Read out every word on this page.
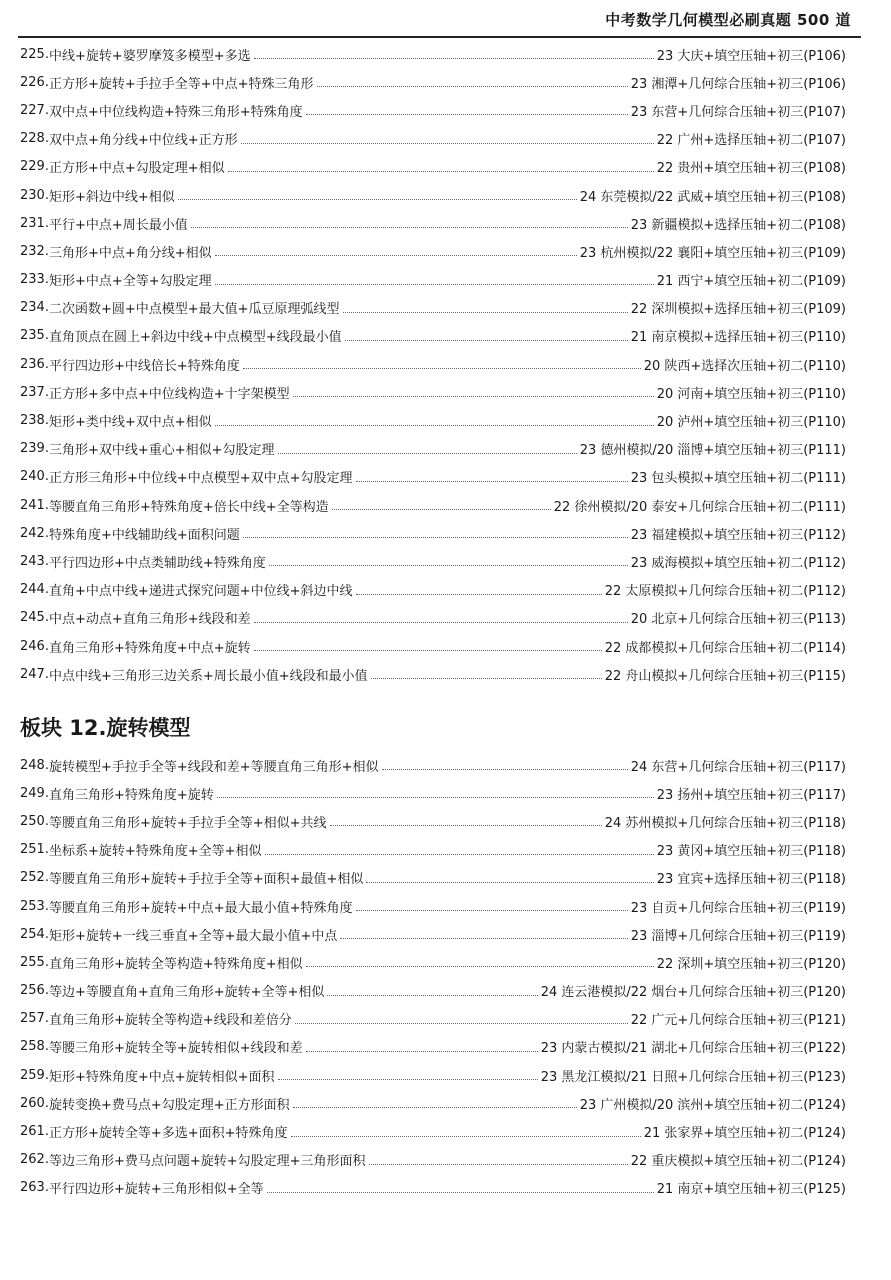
中考数学几何模型必刷真题 500 道
225. 中线+旋转+婆罗摩笈多模型+多选	23 大庆+填空压轴+初三(P106)
226. 正方形+旋转+手拉手全等+中点+特殊三角形	23 湘潭+几何综合压轴+初三(P106)
227. 双中点+中位线构造+特殊三角形+特殊角度	23 东营+几何综合压轴+初三(P107)
228. 双中点+角分线+中位线+正方形	22 广州+选择压轴+初二(P107)
229. 正方形+中点+勾股定理+相似	22 贵州+填空压轴+初三(P108)
230. 矩形+斜边中线+相似	24 东莞模拟/22 武威+填空压轴+初三(P108)
231. 平行+中点+周长最小值	23 新疆模拟+选择压轴+初二(P108)
232. 三角形+中点+角分线+相似	23 杭州模拟/22 襄阳+填空压轴+初三(P109)
233. 矩形+中点+全等+勾股定理	21 西宁+填空压轴+初二(P109)
234. 二次函数+圆+中点模型+最大值+瓜豆原理弧线型	22 深圳模拟+选择压轴+初三(P109)
235. 直角顶点在圆上+斜边中线+中点模型+线段最小值	21 南京模拟+选择压轴+初三(P110)
236. 平行四边形+中线倍长+特殊角度	20 陕西+选择次压轴+初二(P110)
237. 正方形+多中点+中位线构造+十字架模型	20 河南+填空压轴+初三(P110)
238. 矩形+类中线+双中点+相似	20 泸州+填空压轴+初三(P110)
239. 三角形+双中线+重心+相似+勾股定理	23 德州模拟/20 淄博+填空压轴+初三(P111)
240. 正方形三角形+中位线+中点模型+双中点+勾股定理	23 包头模拟+填空压轴+初二(P111)
241. 等腰直角三角形+特殊角度+倍长中线+全等构造	22 徐州模拟/20 泰安+几何综合压轴+初二(P111)
242. 特殊角度+中线辅助线+面积问题	23 福建模拟+填空压轴+初三(P112)
243. 平行四边形+中点类辅助线+特殊角度	23 威海模拟+填空压轴+初二(P112)
244. 直角+中点中线+递进式探究问题+中位线+斜边中线	22 太原模拟+几何综合压轴+初二(P112)
245. 中点+动点+直角三角形+线段和差	20 北京+几何综合压轴+初三(P113)
246. 直角三角形+特殊角度+中点+旋转	22 成都模拟+几何综合压轴+初二(P114)
247. 中点中线+三角形三边关系+周长最小值+线段和最小值	22 舟山模拟+几何综合压轴+初三(P115)
板块 12.旋转模型
248. 旋转模型+手拉手全等+线段和差+等腰直角三角形+相似	24 东营+几何综合压轴+初三(P117)
249. 直角三角形+特殊角度+旋转	23 扬州+填空压轴+初三(P117)
250. 等腰直角三角形+旋转+手拉手全等+相似+共线	24 苏州模拟+几何综合压轴+初三(P118)
251. 坐标系+旋转+特殊角度+全等+相似	23 黄冈+填空压轴+初三(P118)
252. 等腰直角三角形+旋转+手拉手全等+面积+最值+相似	23 宜宾+选择压轴+初三(P118)
253. 等腰直角三角形+旋转+中点+最大最小值+特殊角度	23 自贡+几何综合压轴+初三(P119)
254. 矩形+旋转+一线三垂直+全等+最大最小值+中点	23 淄博+几何综合压轴+初三(P119)
255. 直角三角形+旋转全等构造+特殊角度+相似	22 深圳+填空压轴+初三(P120)
256. 等边+等腰直角+直角三角形+旋转+全等+相似	24 连云港模拟/22 烟台+几何综合压轴+初三(P120)
257. 直角三角形+旋转全等构造+线段和差倍分	22 广元+几何综合压轴+初三(P121)
258. 等腰三角形+旋转全等+旋转相似+线段和差	23 内蒙古模拟/21 湖北+几何综合压轴+初三(P122)
259. 矩形+特殊角度+中点+旋转相似+面积	23 黑龙江模拟/21 日照+几何综合压轴+初三(P123)
260. 旋转变换+费马点+勾股定理+正方形面积	23 广州模拟/20 滨州+填空压轴+初二(P124)
261. 正方形+旋转全等+多选+面积+特殊角度	21 张家界+填空压轴+初二(P124)
262. 等边三角形+费马点问题+旋转+勾股定理+三角形面积	22 重庆模拟+填空压轴+初二(P124)
263. 平行四边形+旋转+三角形相似+全等	21 南京+填空压轴+初三(P125)
